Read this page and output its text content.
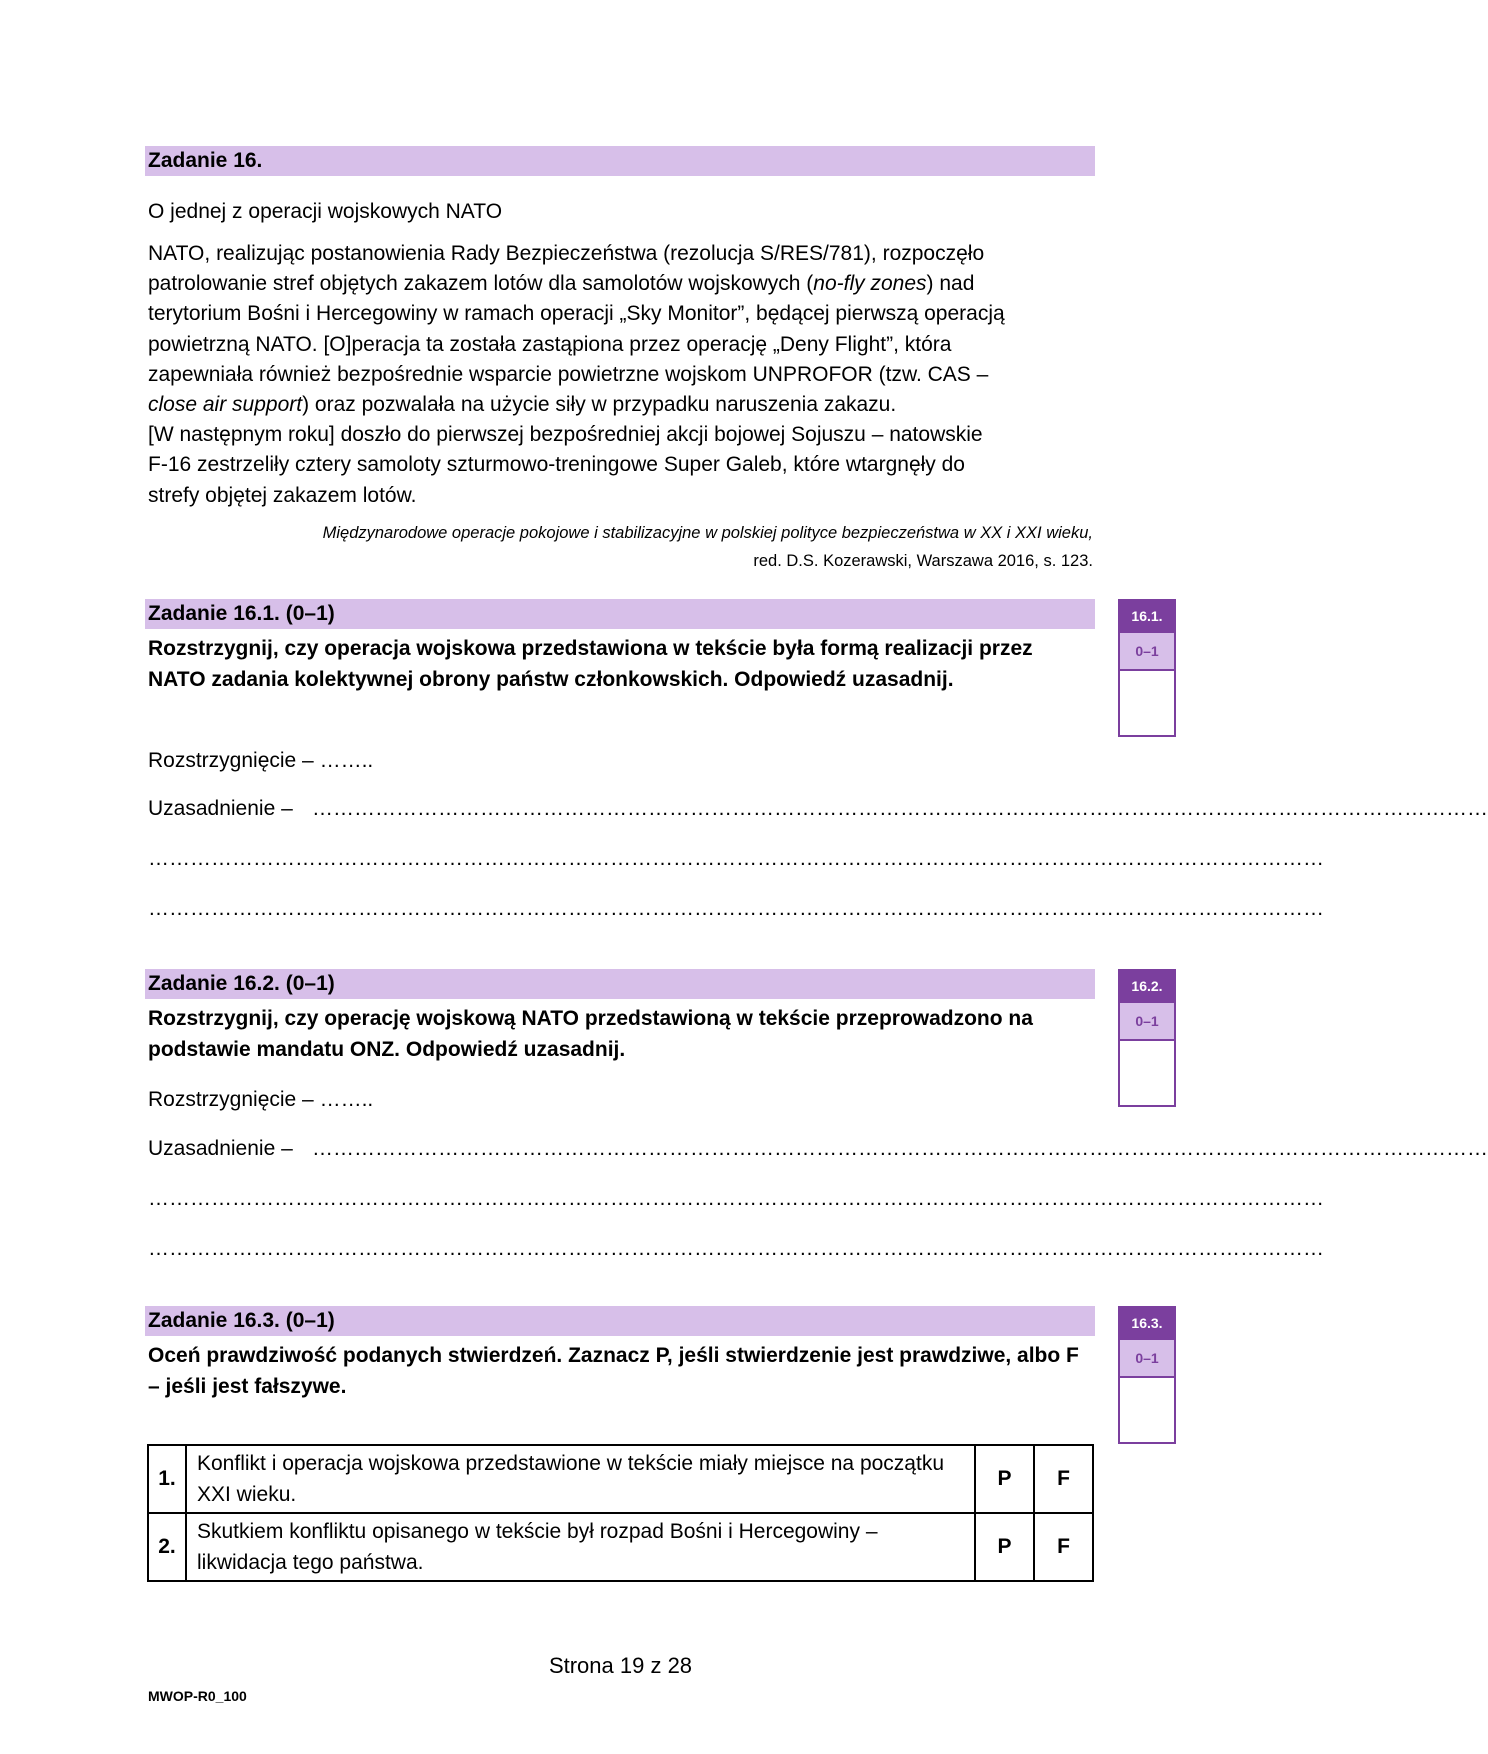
Zadanie 16.
O jednej z operacji wojskowych NATO
NATO, realizując postanowienia Rady Bezpieczeństwa (rezolucja S/RES/781), rozpoczęło
patrolowanie stref objętych zakazem lotów dla samolotów wojskowych (no-fly zones) nad
terytorium Bośni i Hercegowiny w ramach operacji „Sky Monitor”, będącej pierwszą operacją
powietrzną NATO. [O]peracja ta została zastąpiona przez operację „Deny Flight”, która
zapewniała również bezpośrednie wsparcie powietrzne wojskom UNPROFOR (tzw. CAS –
close air support) oraz pozwalała na użycie siły w przypadku naruszenia zakazu.
[W następnym roku] doszło do pierwszej bezpośredniej akcji bojowej Sojuszu – natowskie
F-16 zestrzeliły cztery samoloty szturmowo-treningowe Super Galeb, które wtargnęły do
strefy objętej zakazem lotów.
Międzynarodowe operacje pokojowe i stabilizacyjne w polskiej polityce bezpieczeństwa w XX i XXI wieku,
red. D.S. Kozerawski, Warszawa 2016, s. 123.
Zadanie 16.1. (0–1)
Rozstrzygnij, czy operacja wojskowa przedstawiona w tekście była formą realizacji przez NATO zadania kolektywnej obrony państw członkowskich. Odpowiedź uzasadnij.
Rozstrzygnięcie – ……..
Uzasadnienie – ……………………………………………………………………………………………………………………………………………………
……………………………………………………………………………………………………………………………………………………
……………………………………………………………………………………………………………………………………………………
16.1.
0–1
Zadanie 16.2. (0–1)
Rozstrzygnij, czy operację wojskową NATO przedstawioną w tekście przeprowadzono na podstawie mandatu ONZ. Odpowiedź uzasadnij.
Rozstrzygnięcie – ……..
Uzasadnienie – ……………………………………………………………………………………………………………………………………………………
……………………………………………………………………………………………………………………………………………………
……………………………………………………………………………………………………………………………………………………
16.2.
0–1
Zadanie 16.3. (0–1)
Oceń prawdziwość podanych stwierdzeń. Zaznacz P, jeśli stwierdzenie jest prawdziwe, albo F – jeśli jest fałszywe.
16.3.
0–1
1.	Konflikt i operacja wojskowa przedstawione w tekście miały miejsce na początku XXI wieku.	P	F
2.	Skutkiem konfliktu opisanego w tekście był rozpad Bośni i Hercegowiny – likwidacja tego państwa.	P	F
Strona 19 z 28
MWOP-R0_100
